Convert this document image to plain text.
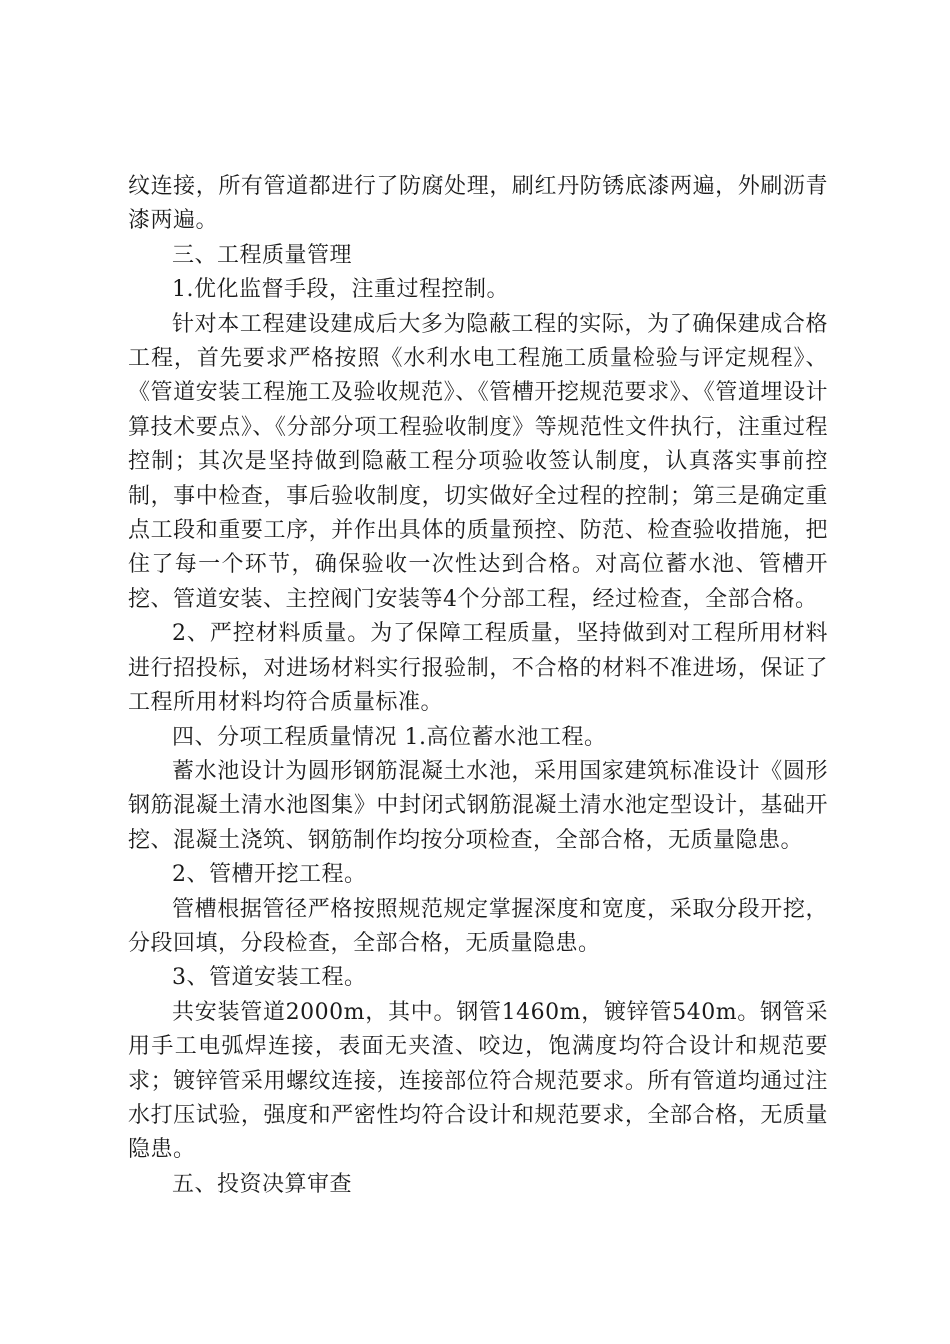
纹连接，所有管道都进行了防腐处理，刷红丹防锈底漆两遍，外刷沥青漆两遍。

三、工程质量管理

1.优化监督手段，注重过程控制。

针对本工程建设建成后大多为隐蔽工程的实际，为了确保建成合格工程，首先要求严格按照《水利水电工程施工质量检验与评定规程》、《管道安装工程施工及验收规范》、《管槽开挖规范要求》、《管道埋设计算技术要点》、《分部分项工程验收制度》等规范性文件执行，注重过程控制；其次是坚持做到隐蔽工程分项验收签认制度，认真落实事前控制，事中检查，事后验收制度，切实做好全过程的控制；第三是确定重点工段和重要工序，并作出具体的质量预控、防范、检查验收措施，把住了每一个环节，确保验收一次性达到合格。对高位蓄水池、管槽开挖、管道安装、主控阀门安装等4个分部工程，经过检查，全部合格。

2、严控材料质量。为了保障工程质量，坚持做到对工程所用材料进行招投标，对进场材料实行报验制，不合格的材料不准进场，保证了工程所用材料均符合质量标准。

四、分项工程质量情况 1.高位蓄水池工程。

蓄水池设计为圆形钢筋混凝土水池，采用国家建筑标准设计《圆形钢筋混凝土清水池图集》中封闭式钢筋混凝土清水池定型设计，基础开挖、混凝土浇筑、钢筋制作均按分项检查，全部合格，无质量隐患。

2、管槽开挖工程。

管槽根据管径严格按照规范规定掌握深度和宽度，采取分段开挖，分段回填，分段检查，全部合格，无质量隐患。

3、管道安装工程。

共安装管道2000m，其中。钢管1460m，镀锌管540m。钢管采用手工电弧焊连接，表面无夹渣、咬边，饱满度均符合设计和规范要求；镀锌管采用螺纹连接，连接部位符合规范要求。所有管道均通过注水打压试验，强度和严密性均符合设计和规范要求，全部合格，无质量隐患。

五、投资决算审查
